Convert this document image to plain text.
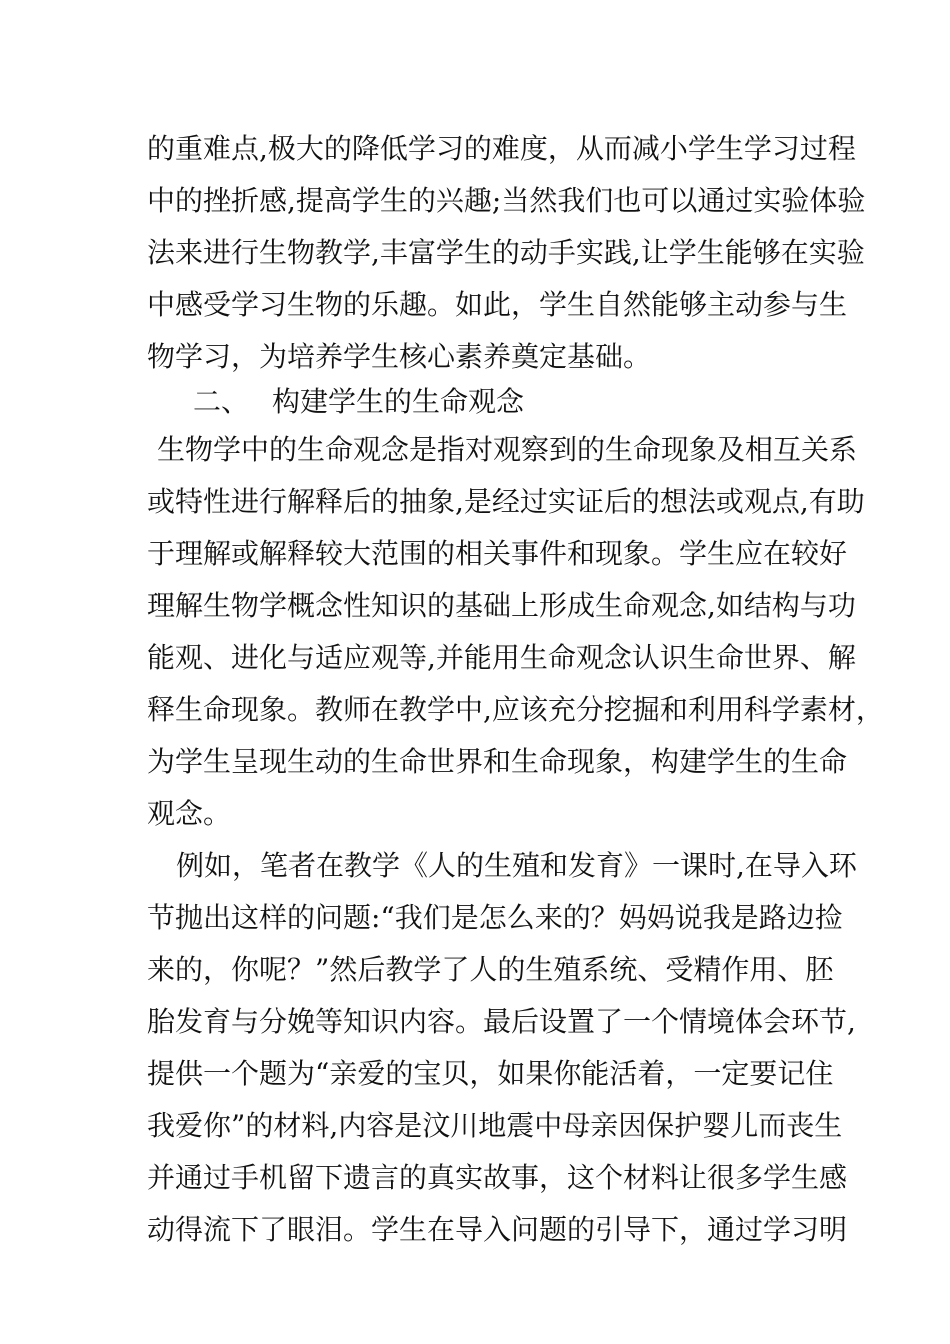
的重难点,极大的降低学习的难度，从而减小学生学习过程
中的挫折感,提高学生的兴趣;当然我们也可以通过实验体验
法来进行生物教学,丰富学生的动手实践,让学生能够在实验
中感受学习生物的乐趣。如此，学生自然能够主动参与生
物学习，为培养学生核心素养奠定基础。
二、 构建学生的生命观念
生物学中的生命观念是指对观察到的生命现象及相互关系
或特性进行解释后的抽象,是经过实证后的想法或观点,有助
于理解或解释较大范围的相关事件和现象。学生应在较好
理解生物学概念性知识的基础上形成生命观念,如结构与功
能观、进化与适应观等,并能用生命观念认识生命世界、解
释生命现象。教师在教学中,应该充分挖掘和利用科学素材，
为学生呈现生动的生命世界和生命现象，构建学生的生命
观念。
例如，笔者在教学《人的生殖和发育》一课时,在导入环
节抛出这样的问题:“我们是怎么来的？妈妈说我是路边捡
来的，你呢？”然后教学了人的生殖系统、受精作用、胚
胎发育与分娩等知识内容。最后设置了一个情境体会环节,
提供一个题为“亲爱的宝贝，如果你能活着，一定要记住
我爱你”的材料,内容是汶川地震中母亲因保护婴儿而丧生
并通过手机留下遗言的真实故事，这个材料让很多学生感
动得流下了眼泪。学生在导入问题的引导下，通过学习明
